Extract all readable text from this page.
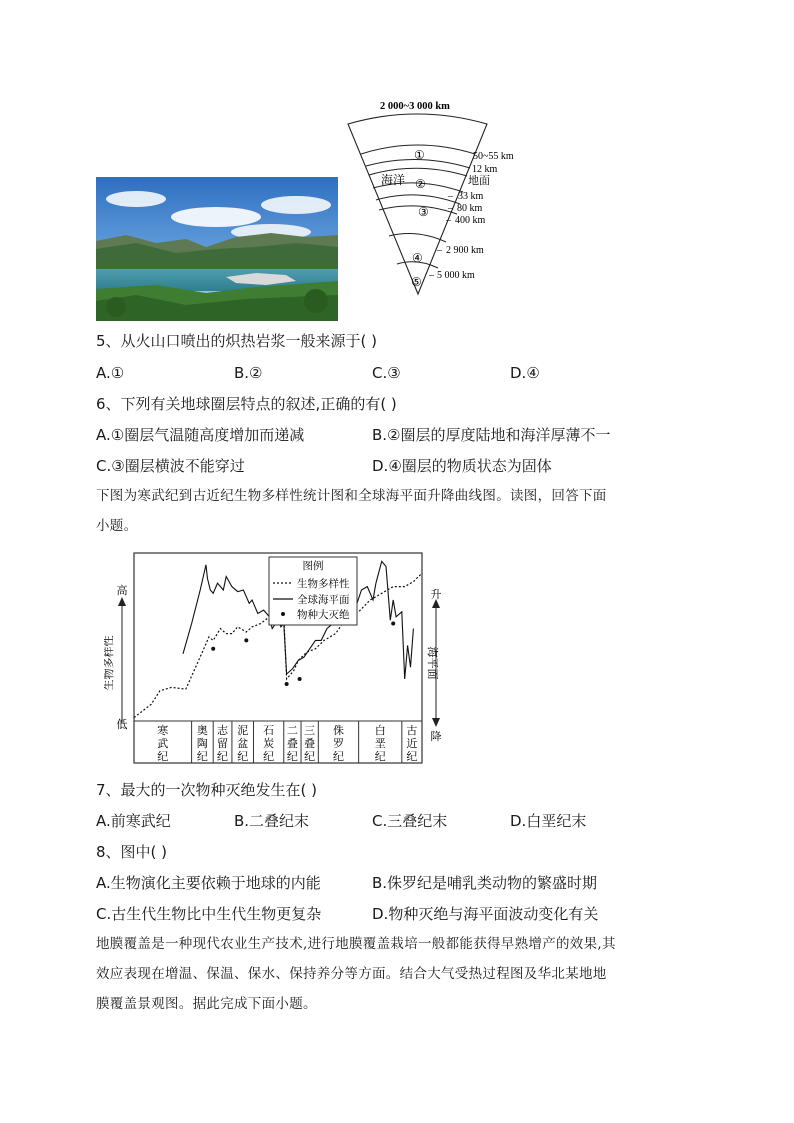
2 000~3 000 km
①
海洋 ②
③
④
⑤
50~55 km
12 km
地面
33 km
80 km
400 km
2 900 km
5 000 km
–
–
–
–
–
5、从火山口喷出的炽热岩浆一般来源于( )
A.①	B.②	C.③	D.④
6、下列有关地球圈层特点的叙述,正确的有( )
A.①圈层气温随高度增加而递减	B.②圈层的厚度陆地和海洋厚薄不一
C.③圈层横波不能穿过	D.④圈层的物质状态为固体
下图为寒武纪到古近纪生物多样性统计图和全球海平面升降曲线图。读图，回答下面
小题。
寒
武
纪
奥
陶
纪
志
留
纪
泥
盆
纪
石
炭
纪
二
叠
纪
三
叠
纪
侏
罗
纪
白
垩
纪
古
近
纪
高
低
生物多样性
升
降
海平面
图例
生物多样性
全球海平面
物种大灭绝
7、最大的一次物种灭绝发生在( )
A.前寒武纪	B.二叠纪末	C.三叠纪末	D.白垩纪末
8、图中( )
A.生物演化主要依赖于地球的内能	B.侏罗纪是哺乳类动物的繁盛时期
C.古生代生物比中生代生物更复杂	D.物种灭绝与海平面波动变化有关
地膜覆盖是一种现代农业生产技术,进行地膜覆盖栽培一般都能获得早熟增产的效果,其
效应表现在增温、保温、保水、保持养分等方面。结合大气受热过程图及华北某地地
膜覆盖景观图。据此完成下面小题。
